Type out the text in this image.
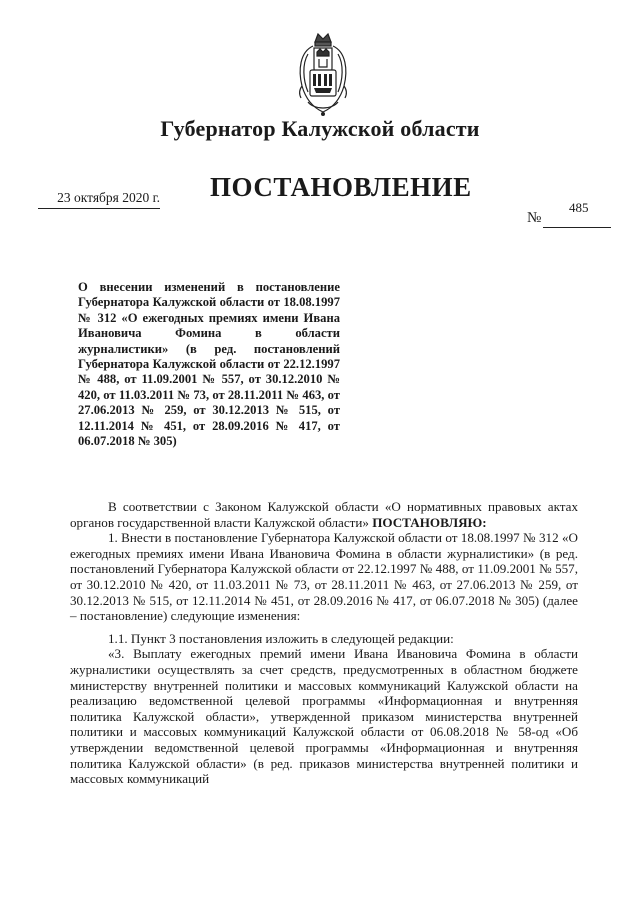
Губернатор Калужской области
ПОСТАНОВЛЕНИЕ
23 октября 2020 г.
№
485
О внесении изменений в постановление Губернатора Калужской области от 18.08.1997 № 312 «О ежегодных премиях имени Ивана Ивановича Фомина в области журналистики» (в ред. постановлений Губернатора Калужской области от 22.12.1997 № 488, от 11.09.2001 № 557, от 30.12.2010 № 420, от 11.03.2011 № 73, от 28.11.2011 № 463, от 27.06.2013 № 259, от 30.12.2013 № 515, от 12.11.2014 № 451, от 28.09.2016 № 417, от 06.07.2018 № 305)

В соответствии с Законом Калужской области «О нормативных правовых актах органов государственной власти Калужской области» ПОСТАНОВЛЯЮ:

1. Внести в постановление Губернатора Калужской области от 18.08.1997 № 312 «О ежегодных премиях имени Ивана Ивановича Фомина в области журналистики» (в ред. постановлений Губернатора Калужской области от 22.12.1997 № 488, от 11.09.2001 № 557, от 30.12.2010 № 420, от 11.03.2011 № 73, от 28.11.2011 № 463, от 27.06.2013 № 259, от 30.12.2013 № 515, от 12.11.2014 № 451, от 28.09.2016 № 417, от 06.07.2018 № 305) (далее – постановление) следующие изменения:

1.1. Пункт 3 постановления изложить в следующей редакции:

«3. Выплату ежегодных премий имени Ивана Ивановича Фомина в области журналистики осуществлять за счет средств, предусмотренных в областном бюджете министерству внутренней политики и массовых коммуникаций Калужской области на реализацию ведомственной целевой программы «Информационная и внутренняя политика Калужской области», утвержденной приказом министерства внутренней политики и массовых коммуникаций Калужской области от 06.08.2018 № 58-од «Об утверждении ведомственной целевой программы «Информационная и внутренняя политика Калужской области» (в ред. приказов министерства внутренней политики и массовых коммуникаций
